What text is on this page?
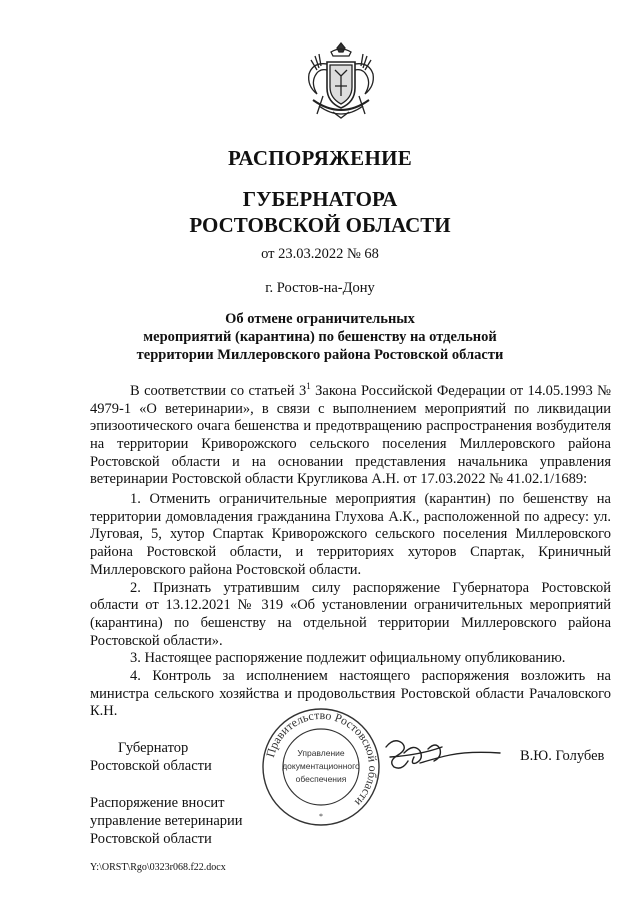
РАСПОРЯЖЕНИЕ
ГУБЕРНАТОРА
РОСТОВСКОЙ ОБЛАСТИ
от 23.03.2022 № 68
г. Ростов-на-Дону
Об отмене ограничительных
мероприятий (карантина) по бешенству на отдельной
территории Миллеровского района Ростовской области

В соответствии со статьей $3^1$ Закона Российской Федерации от 14.05.1993 № 4979-1 «О ветеринарии», в связи с выполнением мероприятий по ликвидации эпизоотического очага бешенства и предотвращению распространения возбудителя на территории Криворожского сельского поселения Миллеровского района Ростовской области и на основании представления начальника управления ветеринарии Ростовской области Кругликова А.Н. от 17.03.2022 № 41.02.1/1689:

1. Отменить ограничительные мероприятия (карантин) по бешенству на территории домовладения гражданина Глухова А.К., расположенной по адресу: ул. Луговая, 5, хутор Спартак Криворожского сельского поселения Миллеровского района Ростовской области, и территориях хуторов Спартак, Криничный Миллеровского района Ростовской области.

2. Признать утратившим силу распоряжение Губернатора Ростовской области от 13.12.2021 № 319 «Об установлении ограничительных мероприятий (карантина) по бешенству на отдельной территории Миллеровского района Ростовской области».

3. Настоящее распоряжение подлежит официальному опубликованию.

4. Контроль за исполнением настоящего распоряжения возложить на министра сельского хозяйства и продовольствия Ростовской области Рачаловского К.Н.

Губернатор
Ростовской области
Правительство Ростовской области
Управление
документационного
обеспечения
*
В.Ю. Голубев
Распоряжение вносит
управление ветеринарии
Ростовской области
Y:\ORST\Rgo\0323r068.f22.docx
